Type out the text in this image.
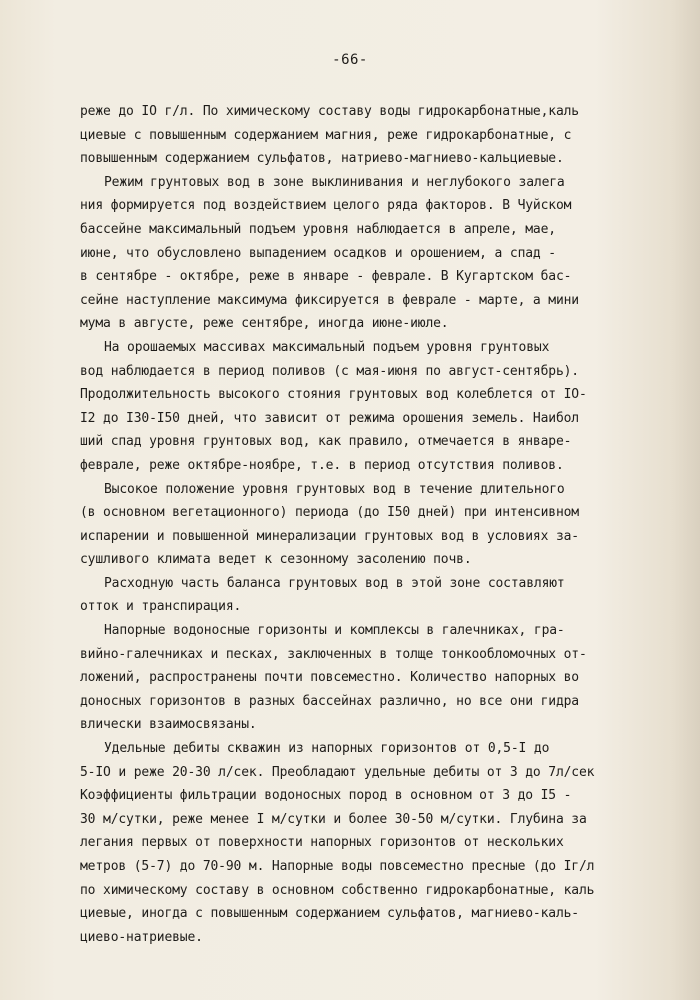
-66-
реже до IO г/л. По химическому составу воды гидрокарбонатные,каль
циевые с повышенным содержанием магния, реже гидрокарбонатные, с
повышенным содержанием сульфатов, натриево-магниево-кальциевые.
Режим грунтовых вод в зоне выклинивания и неглубокого залега
ния формируется под воздействием целого ряда факторов. В Чуйском
бассейне максимальный подъем уровня наблюдается в апреле, мае,
июне, что обусловлено выпадением осадков и орошением, а спад -
в сентябре - октябре, реже в январе - феврале. В Кугартском бас-
сейне наступление максимума фиксируется в феврале - марте, а мини
мума в августе, реже сентябре, иногда июне-июле.
На орошаемых массивах максимальный подъем уровня грунтовых
вод наблюдается в период поливов (с мая-июня по август-сентябрь).
Продолжительность высокого стояния грунтовых вод колеблется от IO-
I2 до I30-I50 дней, что зависит от режима орошения земель. Наибол
ший спад уровня грунтовых вод, как правило, отмечается в январе-
феврале, реже октябре-ноябре, т.е. в период отсутствия поливов.
Высокое положение уровня грунтовых вод в течение длительного
(в основном вегетационного) периода (до I50 дней) при интенсивном
испарении и повышенной минерализации грунтовых вод в условиях за-
сушливого климата ведет к сезонному засолению почв.
Расходную часть баланса грунтовых вод в этой зоне составляют
отток и транспирация.
Напорные водоносные горизонты и комплексы в галечниках, гра-
вийно-галечниках и песках, заключенных в толще тонкообломочных от-
ложений, распространены почти повсеместно. Количество напорных во
доносных горизонтов в разных бассейнах различно, но все они гидра
влически взаимосвязаны.
Удельные дебиты скважин из напорных горизонтов от 0,5-I до
5-IO и реже 20-30 л/сек. Преобладают удельные дебиты от 3 до 7л/сек
Коэффициенты фильтрации водоносных пород в основном от 3 до I5 -
30 м/сутки, реже менее I м/сутки и более 30-50 м/сутки. Глубина за
легания первых от поверхности напорных горизонтов от нескольких
метров (5-7) до 70-90 м. Напорные воды повсеместно пресные (до Iг/л
по химическому составу в основном собственно гидрокарбонатные, каль
циевые, иногда с повышенным содержанием сульфатов, магниево-каль-
циево-натриевые.
